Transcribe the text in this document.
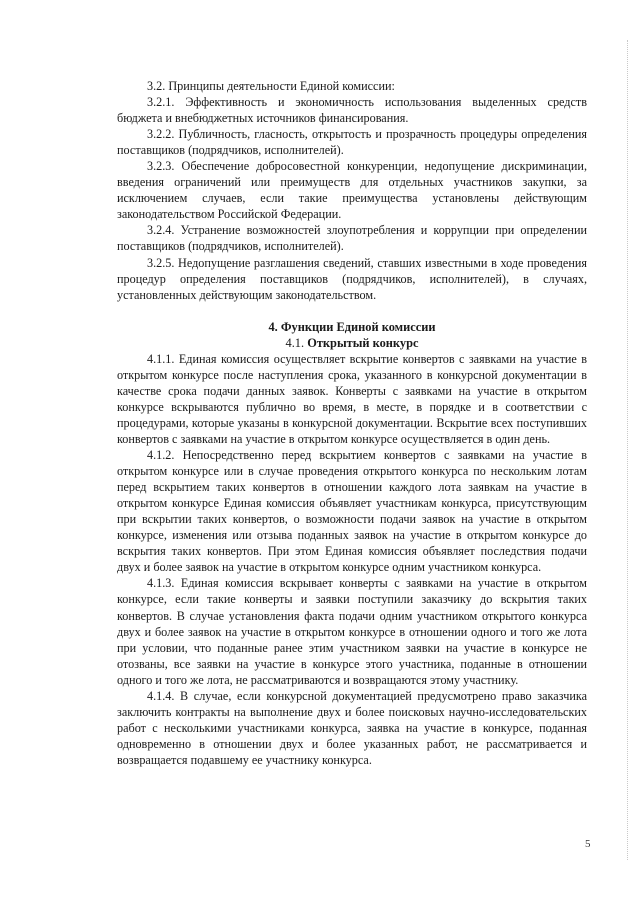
3.2. Принципы деятельности Единой комиссии:

3.2.1. Эффективность и экономичность использования выделенных средств бюджета и внебюджетных источников финансирования.

3.2.2. Публичность, гласность, открытость и прозрачность процедуры определения поставщиков (подрядчиков, исполнителей).

3.2.3. Обеспечение добросовестной конкуренции, недопущение дискриминации, введения ограничений или преимуществ для отдельных участников закупки, за исключением случаев, если такие преимущества установлены действующим законодательством Российской Федерации.

3.2.4. Устранение возможностей злоупотребления и коррупции при определении поставщиков (подрядчиков, исполнителей).

3.2.5. Недопущение разглашения сведений, ставших известными в ходе проведения процедур определения поставщиков (подрядчиков, исполнителей), в случаях, установленных действующим законодательством.

4. Функции Единой комиссии

4.1. Открытый конкурс

4.1.1. Единая комиссия осуществляет вскрытие конвертов с заявками на участие в открытом конкурсе после наступления срока, указанного в конкурсной документации в качестве срока подачи данных заявок. Конверты с заявками на участие в открытом конкурсе вскрываются публично во время, в месте, в порядке и в соответствии с процедурами, которые указаны в конкурсной документации. Вскрытие всех поступивших конвертов с заявками на участие в открытом конкурсе осуществляется в один день.

4.1.2. Непосредственно перед вскрытием конвертов с заявками на участие в открытом конкурсе или в случае проведения открытого конкурса по нескольким лотам перед вскрытием таких конвертов в отношении каждого лота заявкам на участие в открытом конкурсе Единая комиссия объявляет участникам конкурса, присутствующим при вскрытии таких конвертов, о возможности подачи заявок на участие в открытом конкурсе, изменения или отзыва поданных заявок на участие в открытом конкурсе до вскрытия таких конвертов. При этом Единая комиссия объявляет последствия подачи двух и более заявок на участие в открытом конкурсе одним участником конкурса.

4.1.3. Единая комиссия вскрывает конверты с заявками на участие в открытом конкурсе, если такие конверты и заявки поступили заказчику до вскрытия таких конвертов. В случае установления факта подачи одним участником открытого конкурса двух и более заявок на участие в открытом конкурсе в отношении одного и того же лота при условии, что поданные ранее этим участником заявки на участие в конкурсе не отозваны, все заявки на участие в конкурсе этого участника, поданные в отношении одного и того же лота, не рассматриваются и возвращаются этому участнику.

4.1.4. В случае, если конкурсной документацией предусмотрено право заказчика заключить контракты на выполнение двух и более поисковых научно-исследовательских работ с несколькими участниками конкурса, заявка на участие в конкурсе, поданная одновременно в отношении двух и более указанных работ, не рассматривается и возвращается подавшему ее участнику конкурса.

5
